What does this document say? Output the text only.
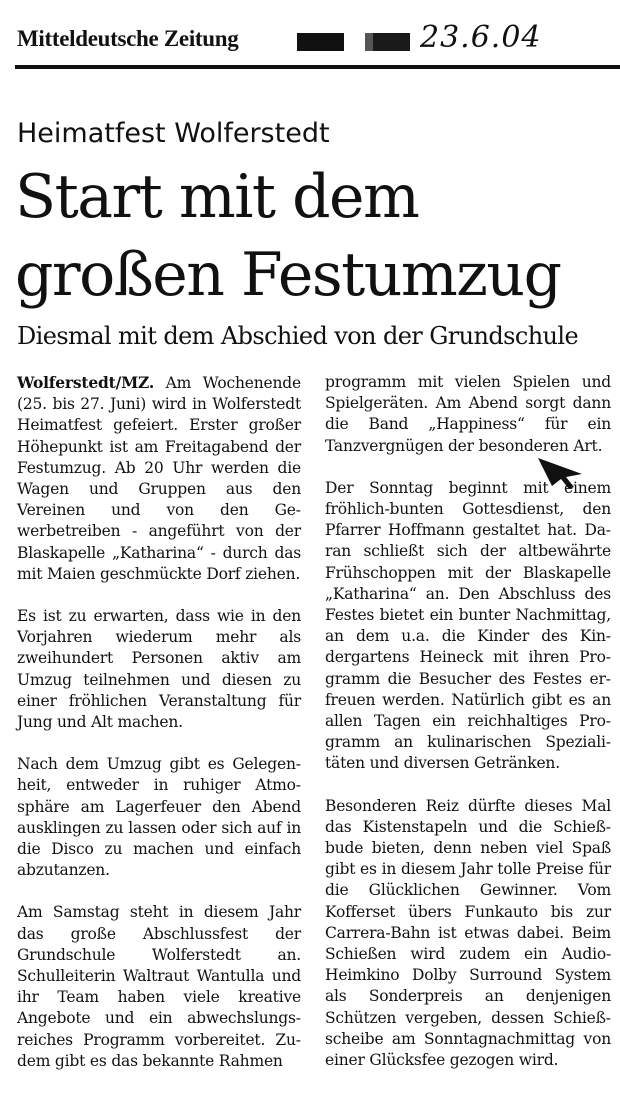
Mitteldeutsche Zeitung	23.6.04
Heimatfest Wolferstedt
Start mit dem
großen Festumzug
Diesmal mit dem Abschied von der Grundschule

Wolferstedt/MZ. Am Wochenende (25. bis 27. Juni) wird in Wolferstedt Heimatfest gefeiert. Erster großer Höhepunkt ist am Freitagabend der Festumzug. Ab 20 Uhr werden die Wagen und Gruppen aus den Vereinen und von den Gewerbetreiben - angeführt von der Blaskapelle „Katharina“ - durch das mit Maien geschmückte Dorf ziehen.

Es ist zu erwarten, dass wie in den Vorjahren wiederum mehr als zweihundert Personen aktiv am Umzug teilnehmen und diesen zu einer fröhlichen Veranstaltung für Jung und Alt machen.

Nach dem Umzug gibt es Gelegenheit, entweder in ruhiger Atmosphäre am Lagerfeuer den Abend ausklingen zu lassen oder sich auf in die Disco zu machen und einfach abzutanzen.

Am Samstag steht in diesem Jahr das große Abschlussfest der Grundschule Wolferstedt an. Schulleiterin Waltraut Wantulla und ihr Team haben viele kreative Angebote und ein abwechslungsreiches Programm vorbereitet. Zudem gibt es das bekannte Rahmen

programm mit vielen Spielen und Spielgeräten. Am Abend sorgt dann die Band „Happiness“ für ein Tanzvergnügen der besonderen Art.

Der Sonntag beginnt mit einem fröhlich-bunten Gottesdienst, den Pfarrer Hoffmann gestaltet hat. Daran schließt sich der altbewährte Frühschoppen mit der Blaskapelle „Katharina“ an. Den Abschluss des Festes bietet ein bunter Nachmittag, an dem u.a. die Kinder des Kindergartens Heineck mit ihren Programm die Besucher des Festes erfreuen werden. Natürlich gibt es an allen Tagen ein reichhaltiges Programm an kulinarischen Spezialitäten und diversen Getränken.

Besonderen Reiz dürfte dieses Mal das Kistenstapeln und die Schießbude bieten, denn neben viel Spaß gibt es in diesem Jahr tolle Preise für die Glücklichen Gewinner. Vom Kofferset übers Funkauto bis zur Carrera-Bahn ist etwas dabei. Beim Schießen wird zudem ein Audio-Heimkino Dolby Surround System als Sonderpreis an denjenigen Schützen vergeben, dessen Schießscheibe am Sonntagnachmittag von einer Glücksfee gezogen wird.
